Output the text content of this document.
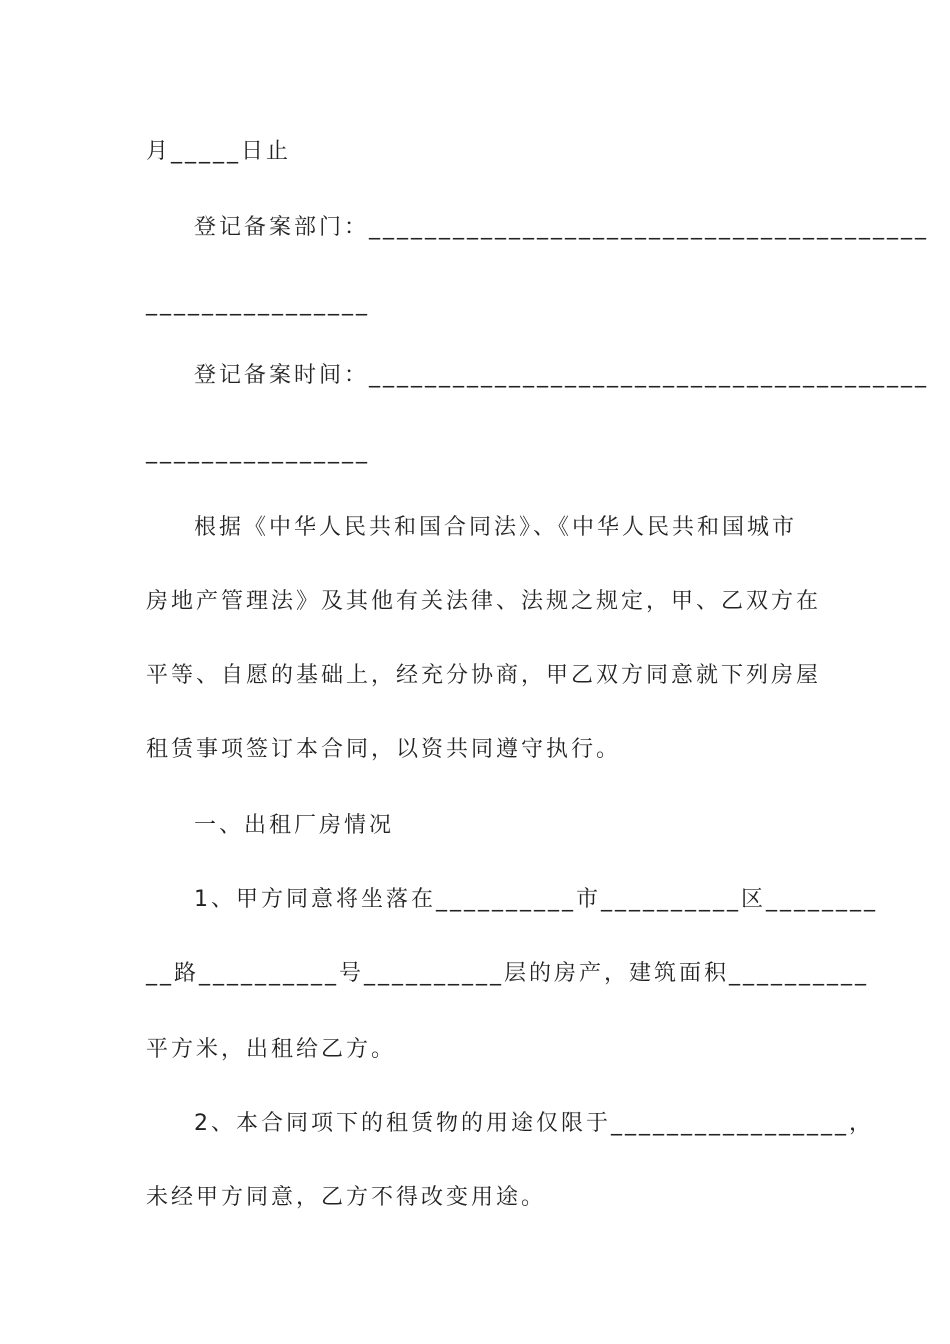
月_____日止
登记备案部门：________________________________________
________________
登记备案时间：________________________________________
________________
根据《中华人民共和国合同法》、《中华人民共和国城市
房地产管理法》及其他有关法律、法规之规定，甲、乙双方在
平等、自愿的基础上，经充分协商，甲乙双方同意就下列房屋
租赁事项签订本合同，以资共同遵守执行。
一、出租厂房情况
1、甲方同意将坐落在__________市__________区________
__路__________号__________层的房产，建筑面积__________
平方米，出租给乙方。
2、本合同项下的租赁物的用途仅限于_________________，
未经甲方同意，乙方不得改变用途。
